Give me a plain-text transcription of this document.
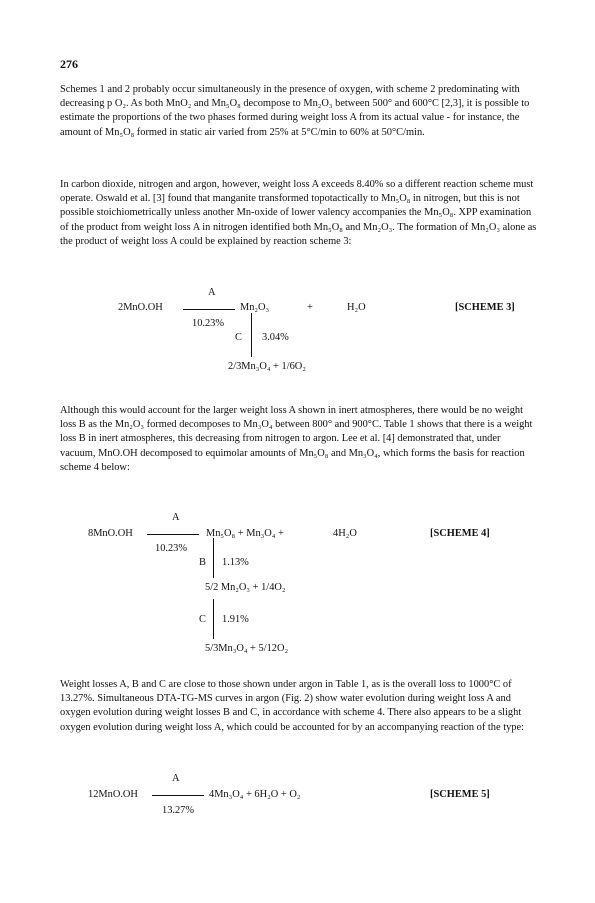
276

Schemes 1 and 2 probably occur simultaneously in the presence of oxygen, with scheme 2 predominating with decreasing p O₂. As both MnO₂ and Mn₅O₈ decompose to Mn₂O₃ between 500° and 600°C [2,3], it is possible to estimate the proportions of the two phases formed during weight loss A from its actual value - for instance, the amount of Mn₅O₈ formed in static air varied from 25% at 5°C/min to 60% at 50°C/min.

In carbon dioxide, nitrogen and argon, however, weight loss A exceeds 8.40% so a different reaction scheme must operate. Oswald et al. [3] found that manganite transformed topotactically to Mn₅O₈ in nitrogen, but this is not possible stoichiometrically unless another Mn-oxide of lower valency accompanies the Mn₅O₈. XPP examination of the product from weight loss A in nitrogen identified both Mn₅O₈ and Mn₂O₃. The formation of Mn₂O₃ alone as the product of weight loss A could be explained by reaction scheme 3:

A
2MnO.OH	Mn₂O₃	+	H₂O	[SCHEME 3]
10.23%
C 3.04%
2/3Mn₃O₄ + 1/6O₂

Although this would account for the larger weight loss A shown in inert atmospheres, there would be no weight loss B as the Mn₂O₃ formed decomposes to Mn₃O₄ between 800° and 900°C. Table 1 shows that there is a weight loss B in inert atmospheres, this decreasing from nitrogen to argon. Lee et al. [4] demonstrated that, under vacuum, MnO.OH decomposed to equimolar amounts of Mn₅O₈ and Mn₃O₄, which forms the basis for reaction scheme 4 below:

A
8MnO.OH	Mn₅O₈ + Mn₃O₄ +	4H₂O	[SCHEME 4]
10.23%
B 1.13%
5/2 Mn₂O₃ + 1/4O₂
C 1.91%
5/3Mn₃O₄ + 5/12O₂

Weight losses A, B and C are close to those shown under argon in Table 1, as is the overall loss to 1000°C of 13.27%. Simultaneous DTA-TG-MS curves in argon (Fig. 2) show water evolution during weight loss A and oxygen evolution during weight losses B and C, in accordance with scheme 4. There also appears to be a slight oxygen evolution during weight loss A, which could be accounted for by an accompanying reaction of the type:

A
12MnO.OH	4Mn₃O₄ + 6H₂O + O₂	[SCHEME 5]
13.27%
